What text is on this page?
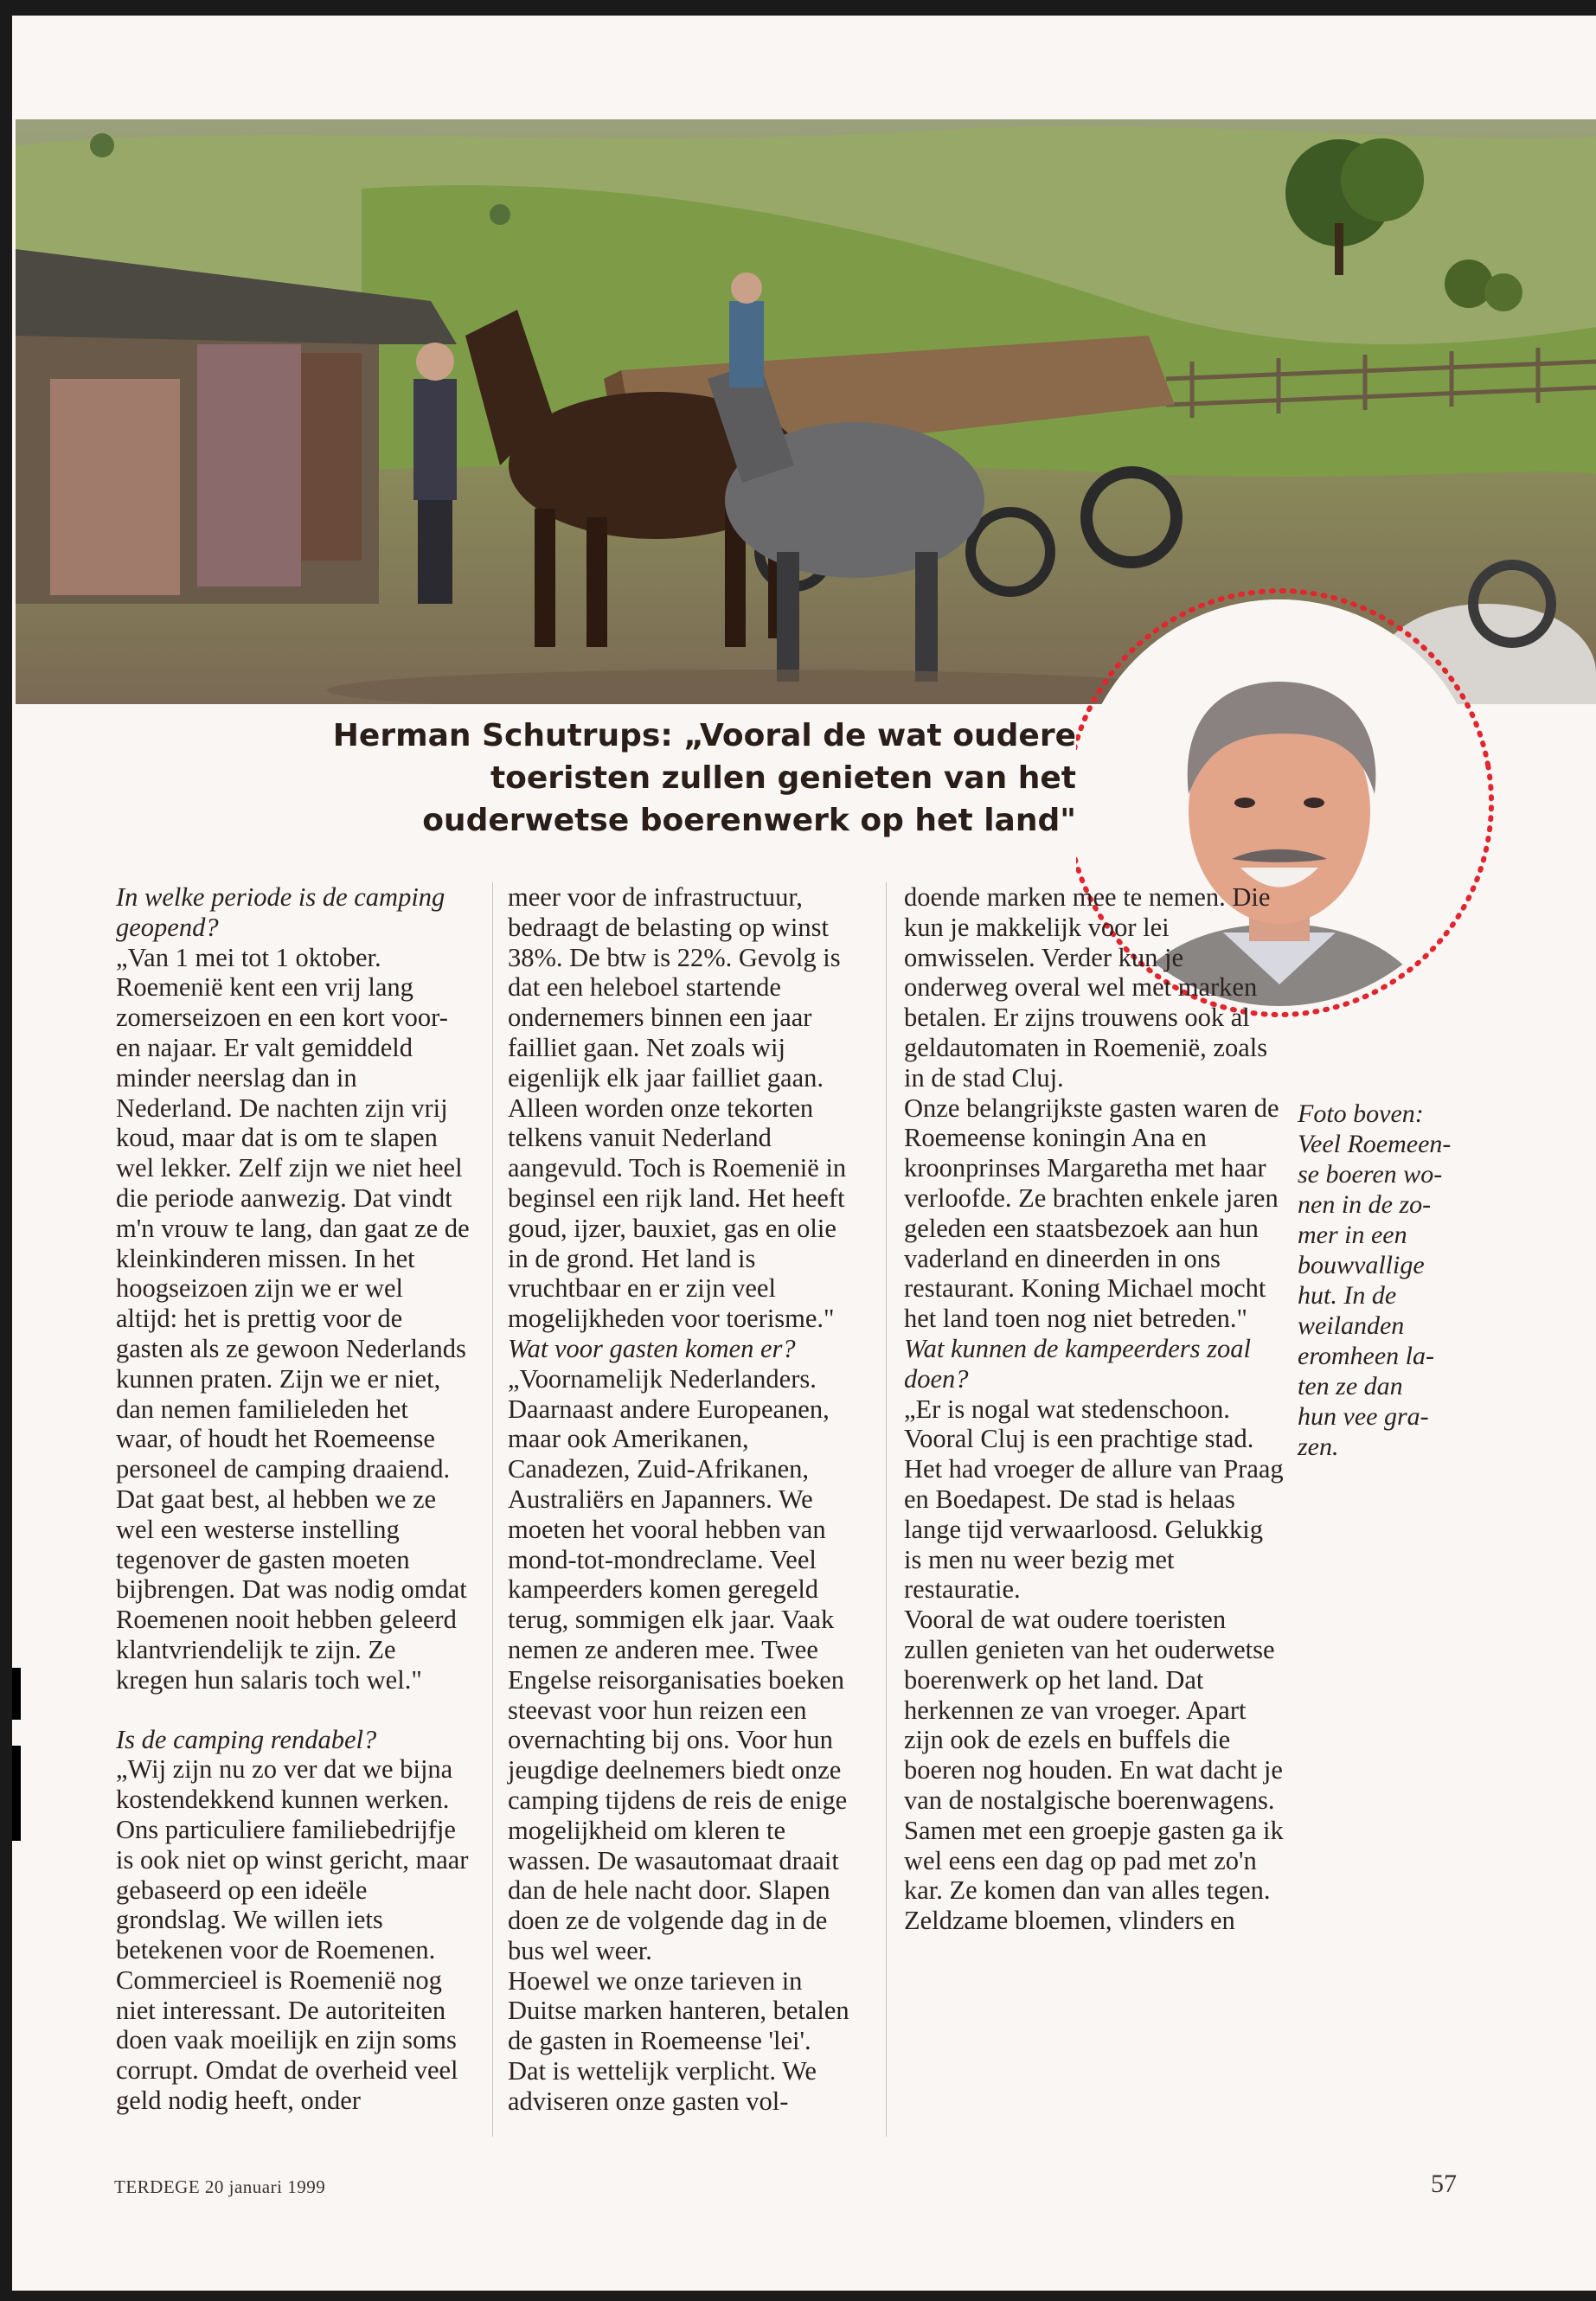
Herman Schutrups: „Vooral de wat oudere
toeristen zullen genieten van het
ouderwetse boerenwerk op het land"

In welke periode is de camping geopend?

„Van 1 mei tot 1 oktober. Roemenië kent een vrij lang zomerseizoen en een kort voor- en najaar. Er valt gemiddeld minder neerslag dan in Nederland. De nachten zijn vrij koud, maar dat is om te slapen wel lekker. Zelf zijn we niet heel die periode aanwezig. Dat vindt m'n vrouw te lang, dan gaat ze de kleinkinderen missen. In het hoogseizoen zijn we er wel altijd: het is prettig voor de gasten als ze gewoon Nederlands kunnen praten. Zijn we er niet, dan nemen familieleden het waar, of houdt het Roemeense personeel de camping draaiend. Dat gaat best, al hebben we ze wel een westerse instelling tegenover de gasten moeten bijbrengen. Dat was nodig omdat Roemenen nooit hebben geleerd klantvriendelijk te zijn. Ze kregen hun salaris toch wel."

Is de camping rendabel?

„Wij zijn nu zo ver dat we bijna kostendekkend kunnen werken. Ons particuliere familiebedrijfje is ook niet op winst gericht, maar gebaseerd op een ideële grondslag. We willen iets betekenen voor de Roemenen. Commercieel is Roemenië nog niet interessant. De autoriteiten doen vaak moeilijk en zijn soms corrupt. Omdat de overheid veel geld nodig heeft, onder

meer voor de infrastructuur, bedraagt de belasting op winst 38%. De btw is 22%. Gevolg is dat een heleboel startende ondernemers binnen een jaar failliet gaan. Net zoals wij eigenlijk elk jaar failliet gaan. Alleen worden onze tekorten telkens vanuit Nederland aangevuld. Toch is Roemenië in beginsel een rijk land. Het heeft goud, ijzer, bauxiet, gas en olie in de grond. Het land is vruchtbaar en er zijn veel mogelijkheden voor toerisme."

Wat voor gasten komen er?

„Voornamelijk Nederlanders. Daarnaast andere Europeanen, maar ook Amerikanen, Canadezen, Zuid-Afrikanen, Australiërs en Japanners. We moeten het vooral hebben van mond-tot-mondreclame. Veel kampeerders komen geregeld terug, sommigen elk jaar. Vaak nemen ze anderen mee. Twee Engelse reisorganisaties boeken steevast voor hun reizen een overnachting bij ons. Voor hun jeugdige deelnemers biedt onze camping tijdens de reis de enige mogelijkheid om kleren te wassen. De wasautomaat draait dan de hele nacht door. Slapen doen ze de volgende dag in de bus wel weer.

Hoewel we onze tarieven in Duitse marken hanteren, betalen de gasten in Roemeense 'lei'. Dat is wettelijk verplicht. We adviseren onze gasten vol-

doende marken mee te nemen. Die kun je makkelijk voor lei omwisselen. Verder kun je onderweg overal wel met marken betalen. Er zijns trouwens ook al geldautomaten in Roemenië, zoals in de stad Cluj.

Onze belangrijkste gasten waren de Roemeense koningin Ana en kroonprinses Margaretha met haar verloofde. Ze brachten enkele jaren geleden een staatsbezoek aan hun vaderland en dineerden in ons restaurant. Koning Michael mocht het land toen nog niet betreden."

Wat kunnen de kampeerders zoal doen?

„Er is nogal wat stedenschoon. Vooral Cluj is een prachtige stad. Het had vroeger de allure van Praag en Boedapest. De stad is helaas lange tijd verwaarloosd. Gelukkig is men nu weer bezig met restauratie.

Vooral de wat oudere toeristen zullen genieten van het ouderwetse boerenwerk op het land. Dat herkennen ze van vroeger. Apart zijn ook de ezels en buffels die boeren nog houden. En wat dacht je van de nostalgische boerenwagens. Samen met een groepje gasten ga ik wel eens een dag op pad met zo'n kar. Ze komen dan van alles tegen. Zeldzame bloemen, vlinders en

Foto boven:
Veel Roemeen-
se boeren wo-
nen in de zo-
mer in een
bouwvallige
hut. In de
weilanden
eromheen la-
ten ze dan
hun vee gra-
zen.
TERDEGE 20 januari 1999	57
